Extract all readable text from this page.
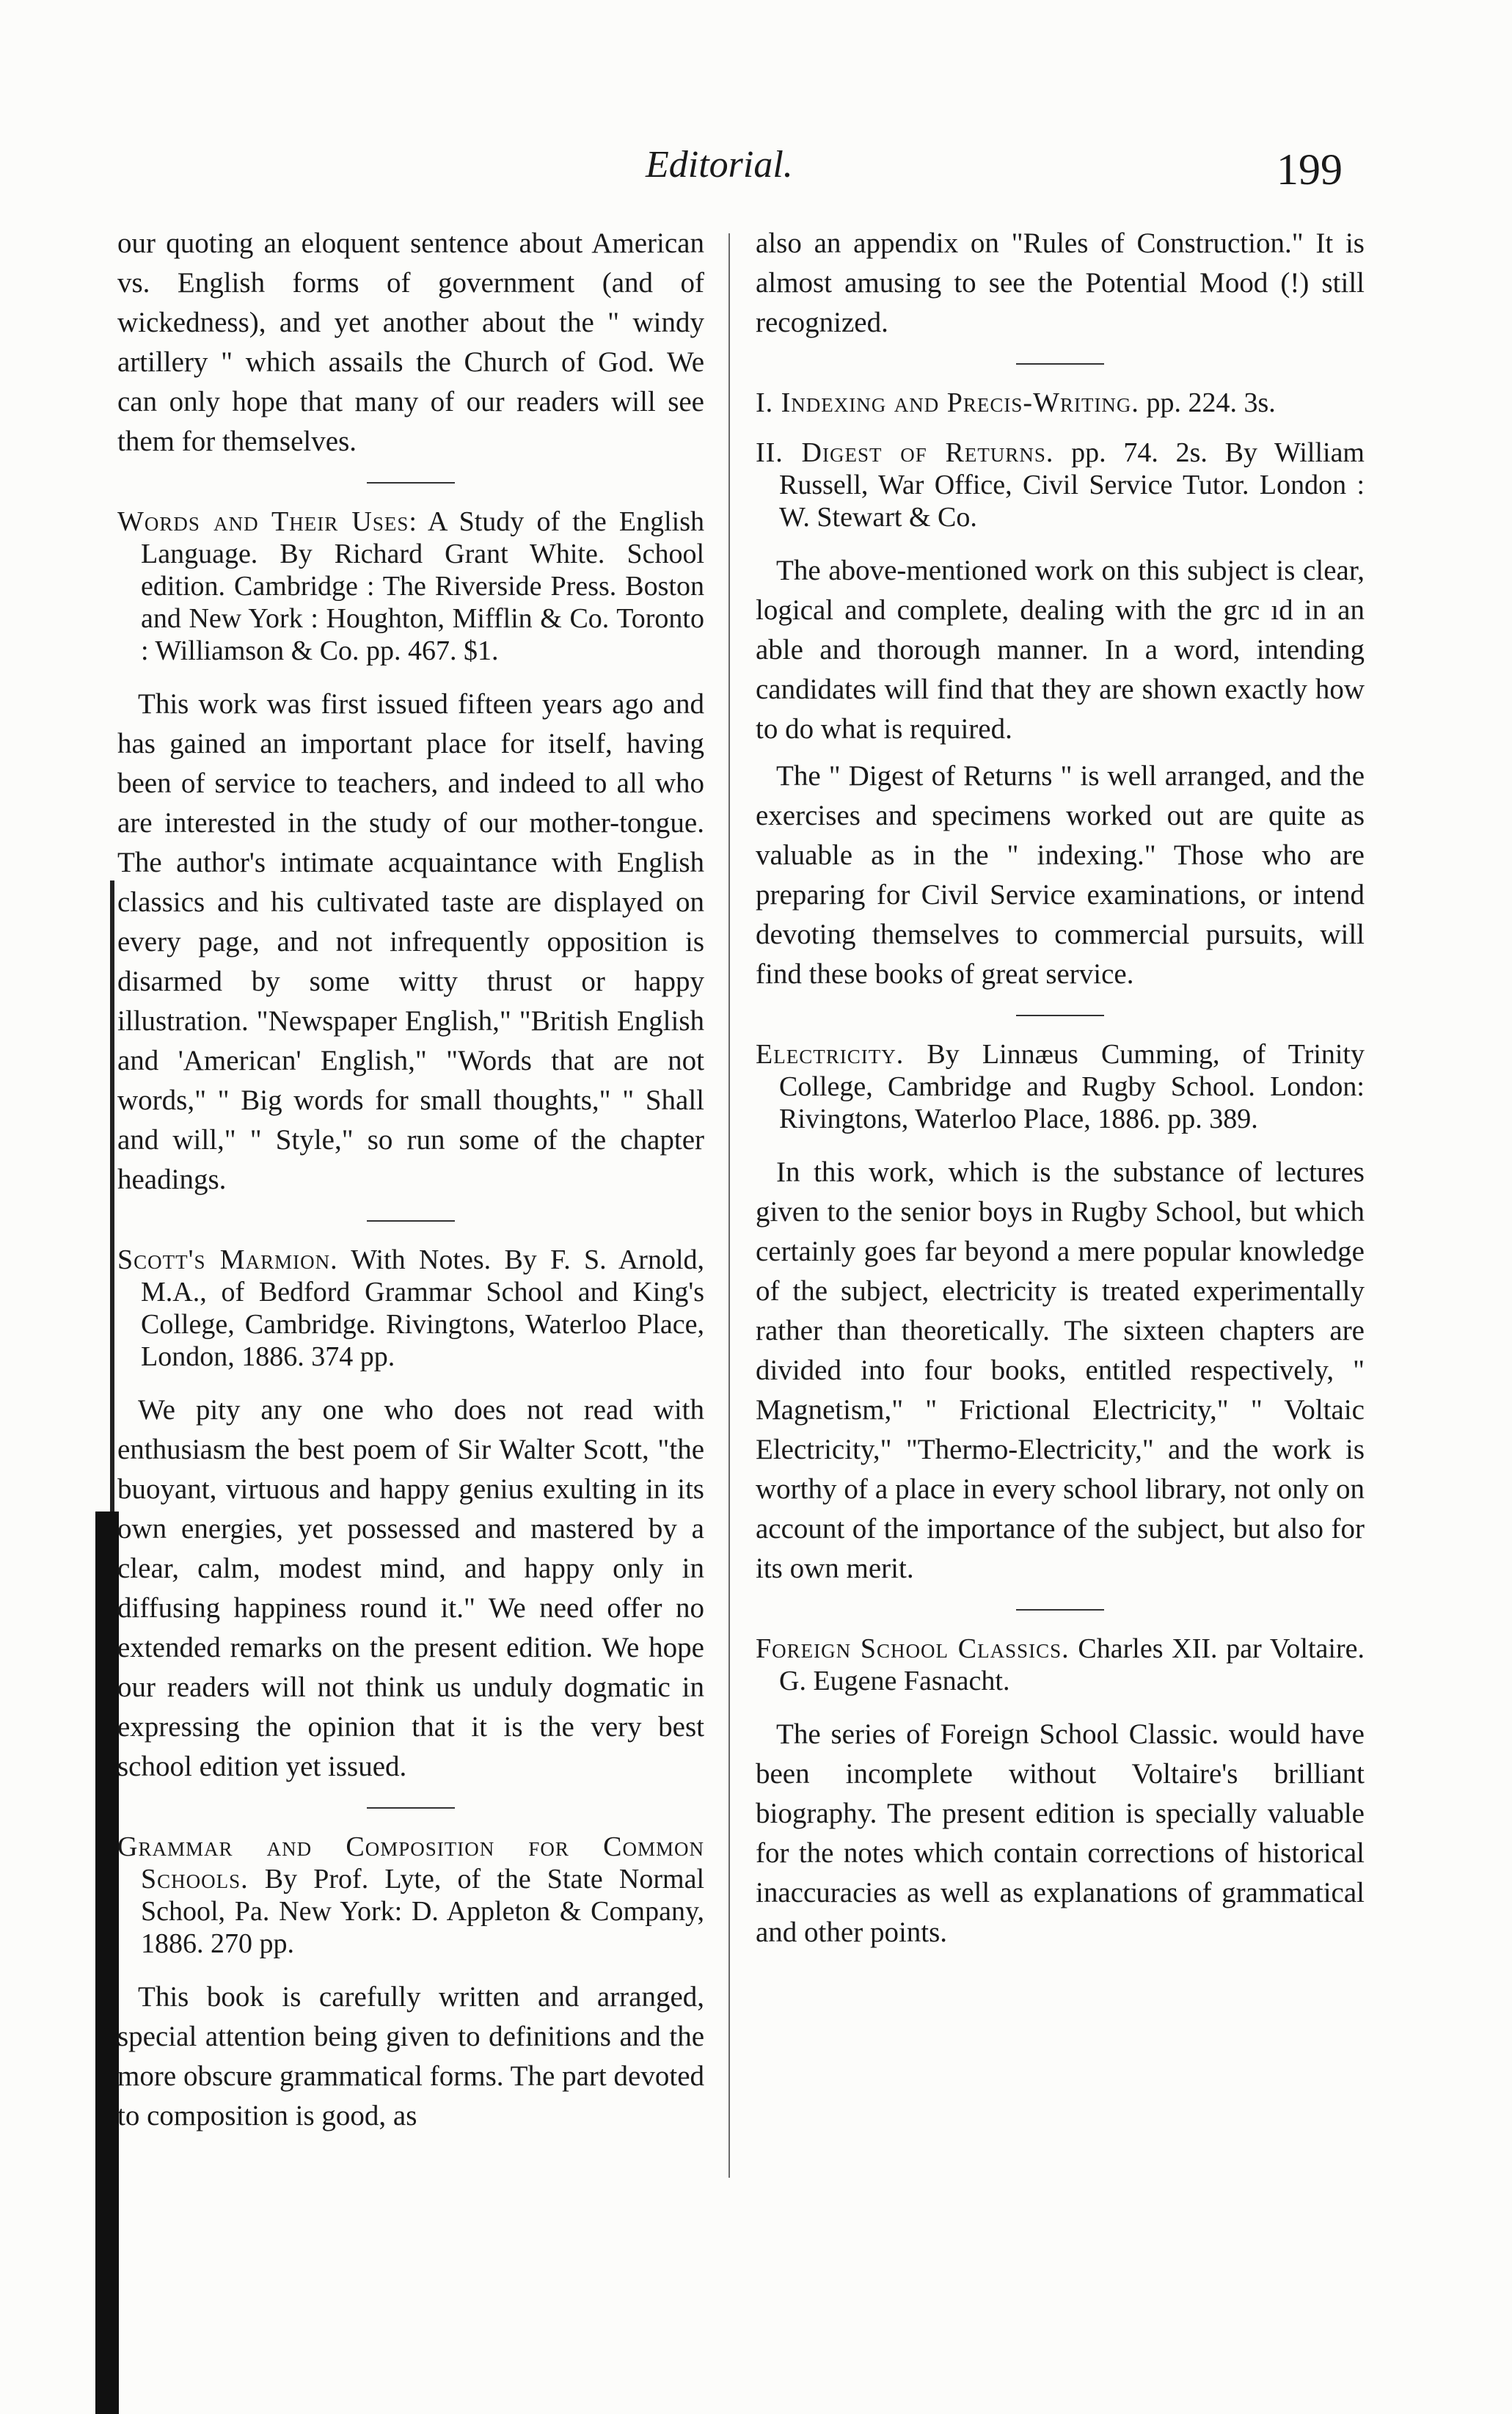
Editorial.	199

our quoting an eloquent sentence about American vs. English forms of government (and of wickedness), and yet another about the " windy artillery " which assails the Church of God. We can only hope that many of our readers will see them for themselves.

Words and Their Uses: A Study of the English Language. By Richard Grant White. School edition. Cambridge : The Riverside Press. Boston and New York : Houghton, Mifflin & Co. Toronto : Williamson & Co. pp. 467. $1.

This work was first issued fifteen years ago and has gained an important place for itself, having been of service to teachers, and indeed to all who are interested in the study of our mother-tongue. The author's intimate acquaintance with English classics and his cultivated taste are displayed on every page, and not infrequently opposition is disarmed by some witty thrust or happy illustration. "Newspaper English," "British English and 'American' English," "Words that are not words," " Big words for small thoughts," " Shall and will," " Style," so run some of the chapter headings.

Scott's Marmion. With Notes. By F. S. Arnold, M.A., of Bedford Grammar School and King's College, Cambridge. Rivingtons, Waterloo Place, London, 1886. 374 pp.

We pity any one who does not read with enthusiasm the best poem of Sir Walter Scott, "the buoyant, virtuous and happy genius exulting in its own energies, yet possessed and mastered by a clear, calm, modest mind, and happy only in diffusing happiness round it." We need offer no extended remarks on the present edition. We hope our readers will not think us unduly dogmatic in expressing the opinion that it is the very best school edition yet issued.

Grammar and Composition for Common Schools. By Prof. Lyte, of the State Normal School, Pa. New York: D. Appleton & Company, 1886. 270 pp.

This book is carefully written and arranged, special attention being given to definitions and the more obscure grammatical forms. The part devoted to composition is good, as

also an appendix on "Rules of Construction." It is almost amusing to see the Potential Mood (!) still recognized.

I. Indexing and Precis-Writing. pp. 224. 3s.

II. Digest of Returns. pp. 74. 2s. By William Russell, War Office, Civil Service Tutor. London : W. Stewart & Co.

The above-mentioned work on this subject is clear, logical and complete, dealing with the grc ıd in an able and thorough manner. In a word, intending candidates will find that they are shown exactly how to do what is required.

The " Digest of Returns " is well arranged, and the exercises and specimens worked out are quite as valuable as in the " indexing." Those who are preparing for Civil Service examinations, or intend devoting themselves to commercial pursuits, will find these books of great service.

Electricity. By Linnæus Cumming, of Trinity College, Cambridge and Rugby School. London: Rivingtons, Waterloo Place, 1886. pp. 389.

In this work, which is the substance of lectures given to the senior boys in Rugby School, but which certainly goes far beyond a mere popular knowledge of the subject, electricity is treated experimentally rather than theoretically. The sixteen chapters are divided into four books, entitled respectively, " Magnetism," " Frictional Electricity," " Voltaic Electricity," "Thermo-Electricity," and the work is worthy of a place in every school library, not only on account of the importance of the subject, but also for its own merit.

Foreign School Classics. Charles XII. par Voltaire. G. Eugene Fasnacht.

The series of Foreign School Classic. would have been incomplete without Voltaire's brilliant biography. The present edition is specially valuable for the notes which contain corrections of historical inaccuracies as well as explanations of grammatical and other points.
